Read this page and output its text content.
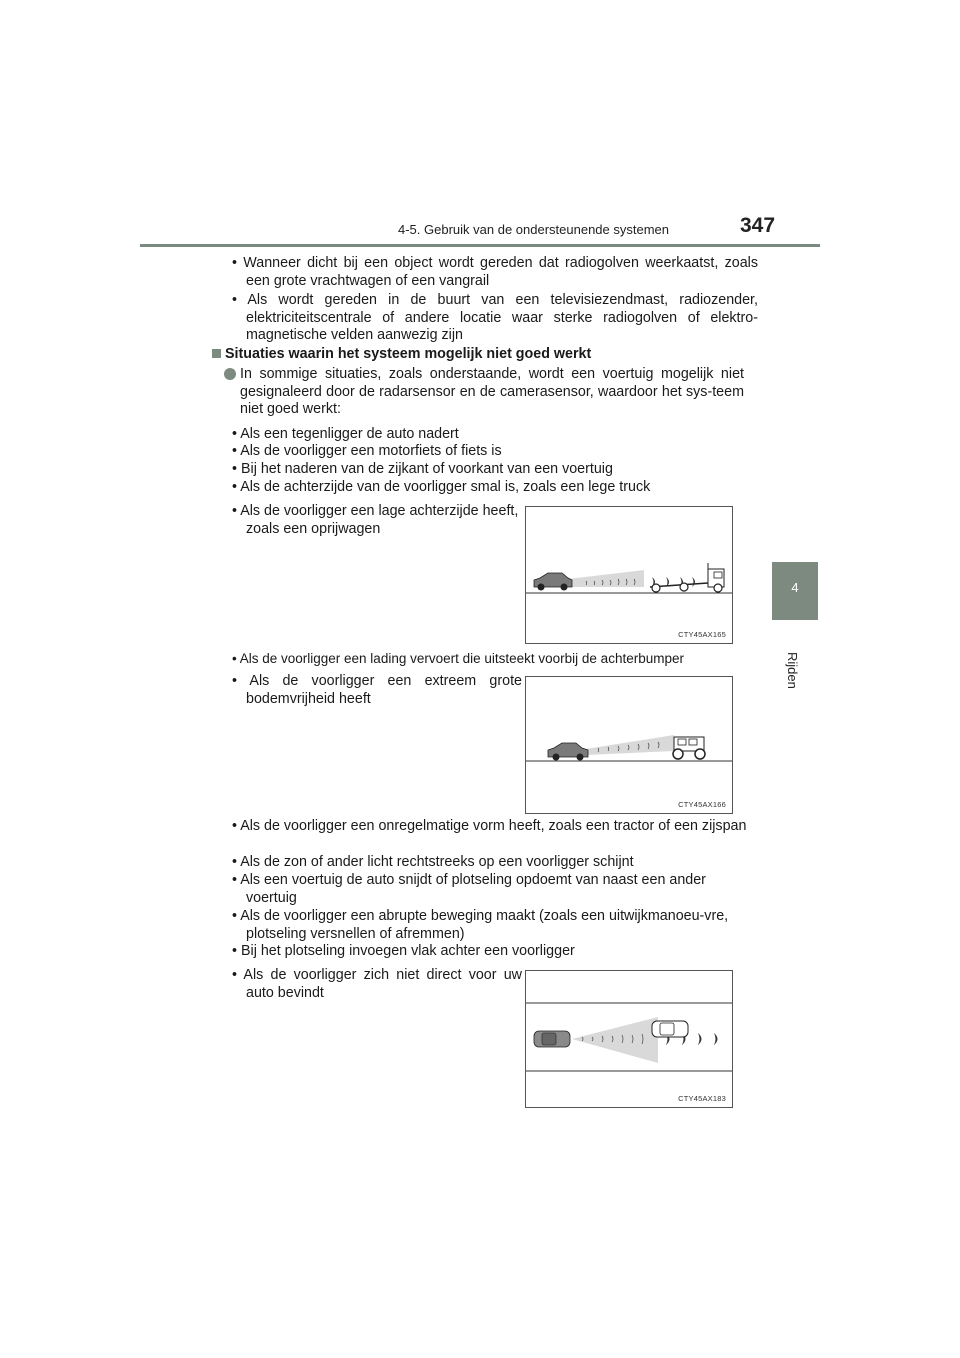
4-5. Gebruik van de ondersteunende systemen	347
4
Rijden
• Wanneer dicht bij een object wordt gereden dat radiogolven weerkaatst, zoals een grote vrachtwagen of een vangrail
• Als wordt gereden in de buurt van een televisiezendmast, radiozender, elektriciteitscentrale of andere locatie waar sterke radiogolven of elektro-magnetische velden aanwezig zijn
Situaties waarin het systeem mogelijk niet goed werkt
In sommige situaties, zoals onderstaande, wordt een voertuig mogelijk niet gesignaleerd door de radarsensor en de camerasensor, waardoor het sys-teem niet goed werkt:
• Als een tegenligger de auto nadert
• Als de voorligger een motorfiets of fiets is
• Bij het naderen van de zijkant of voorkant van een voertuig
• Als de achterzijde van de voorligger smal is, zoals een lege truck
• Als de voorligger een lage achterzijde heeft, zoals een oprijwagen
CTY45AX165
• Als de voorligger een lading vervoert die uitsteekt voorbij de achterbumper
• Als de voorligger een extreem grote bodemvrijheid heeft
CTY45AX166
• Als de voorligger een onregelmatige vorm heeft, zoals een tractor of een zijspan
• Als de zon of ander licht rechtstreeks op een voorligger schijnt
• Als een voertuig de auto snijdt of plotseling opdoemt van naast een ander voertuig
• Als de voorligger een abrupte beweging maakt (zoals een uitwijkmanoeu-vre, plotseling versnellen of afremmen)
• Bij het plotseling invoegen vlak achter een voorligger
• Als de voorligger zich niet direct voor uw auto bevindt
CTY45AX183
